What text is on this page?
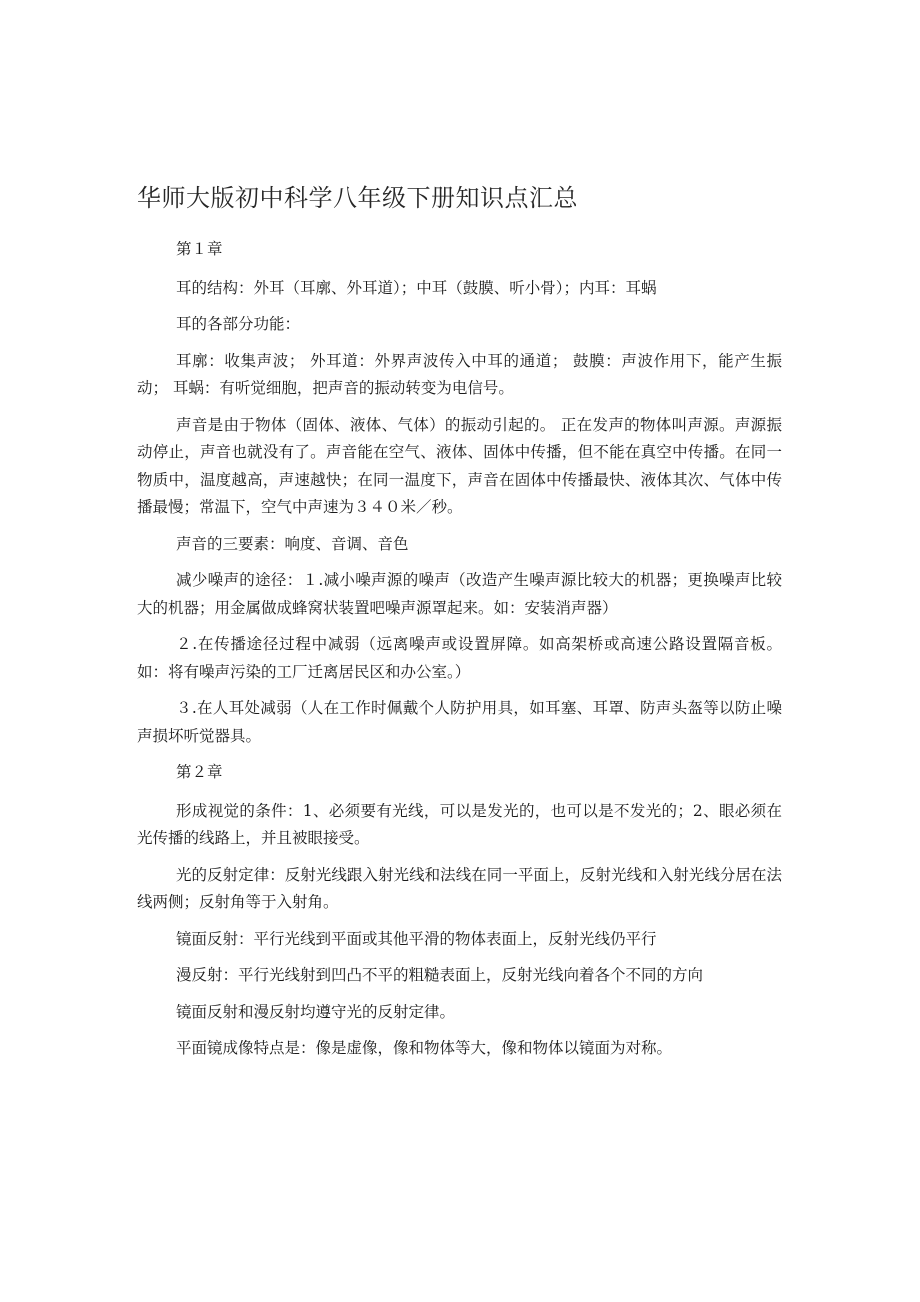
华师大版初中科学八年级下册知识点汇总

第１章

耳的结构：外耳（耳廓、外耳道）；中耳（鼓膜、听小骨）；内耳：耳蜗

耳的各部分功能：

耳廓：收集声波； 外耳道：外界声波传入中耳的通道； 鼓膜：声波作用下，能产生振动； 耳蜗：有听觉细胞，把声音的振动转变为电信号。

声音是由于物体（固体、液体、气体）的振动引起的。 正在发声的物体叫声源。声源振动停止，声音也就没有了。声音能在空气、液体、固体中传播，但不能在真空中传播。在同一物质中，温度越高，声速越快；在同一温度下，声音在固体中传播最快、液体其次、气体中传播最慢；常温下，空气中声速为３４０米／秒。

声音的三要素：响度、音调、音色

减少噪声的途径：１.减小噪声源的噪声（改造产生噪声源比较大的机器；更换噪声比较大的机器；用金属做成蜂窝状装置吧噪声源罩起来。如：安装消声器）

２.在传播途径过程中减弱（远离噪声或设置屏障。如高架桥或高速公路设置隔音板。如：将有噪声污染的工厂迁离居民区和办公室。）

３.在人耳处减弱（人在工作时佩戴个人防护用具，如耳塞、耳罩、防声头盔等以防止噪声损坏听觉器具。

第２章

形成视觉的条件：1、必须要有光线，可以是发光的，也可以是不发光的；2、眼必须在光传播的线路上，并且被眼接受。

光的反射定律：反射光线跟入射光线和法线在同一平面上，反射光线和入射光线分居在法线两侧；反射角等于入射角。

镜面反射：平行光线到平面或其他平滑的物体表面上，反射光线仍平行

漫反射：平行光线射到凹凸不平的粗糙表面上，反射光线向着各个不同的方向

镜面反射和漫反射均遵守光的反射定律。

平面镜成像特点是：像是虚像，像和物体等大，像和物体以镜面为对称。
